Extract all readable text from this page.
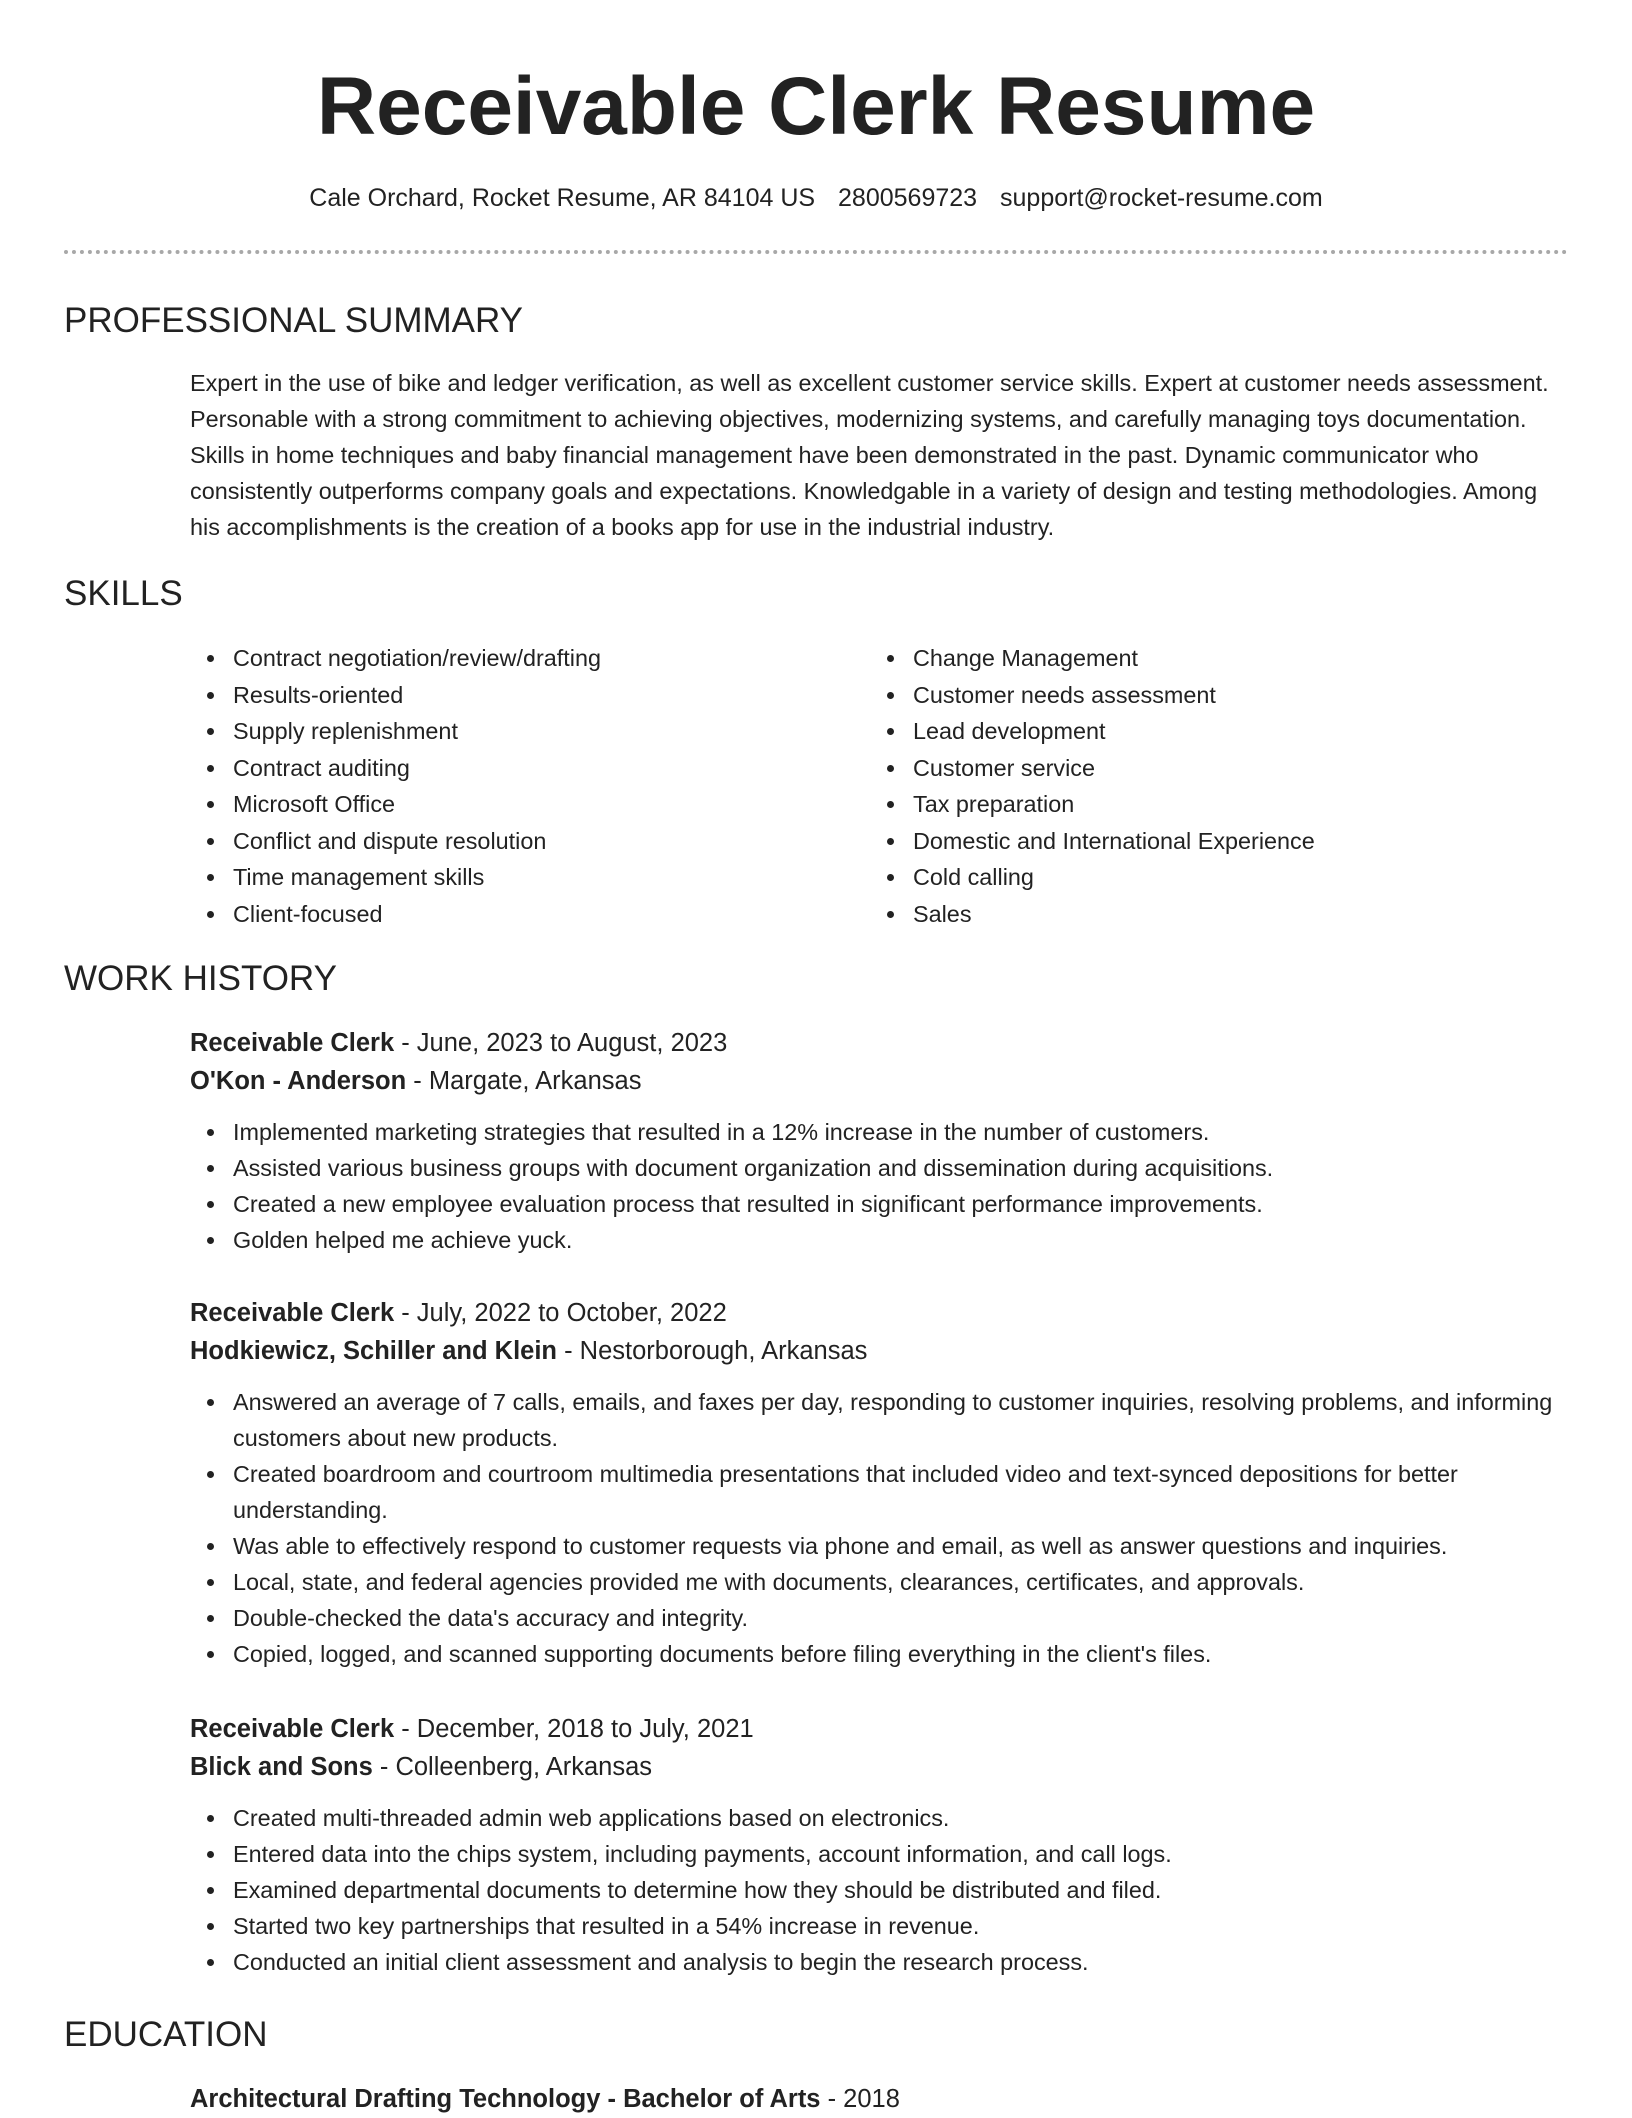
Receivable Clerk Resume
Cale Orchard, Rocket Resume, AR 84104 US 2800569723 support@rocket-resume.com
PROFESSIONAL SUMMARY

Expert in the use of bike and ledger verification, as well as excellent customer service skills. Expert at customer needs assessment. Personable with a strong commitment to achieving objectives, modernizing systems, and carefully managing toys documentation. Skills in home techniques and baby financial management have been demonstrated in the past. Dynamic communicator who consistently outperforms company goals and expectations. Knowledgable in a variety of design and testing methodologies. Among his accomplishments is the creation of a books app for use in the industrial industry.

SKILLS
Contract negotiation/review/drafting
Results-oriented
Supply replenishment
Contract auditing
Microsoft Office
Conflict and dispute resolution
Time management skills
Client-focused
Change Management
Customer needs assessment
Lead development
Customer service
Tax preparation
Domestic and International Experience
Cold calling
Sales
WORK HISTORY
Receivable Clerk - June, 2023 to August, 2023
O'Kon - Anderson - Margate, Arkansas
Implemented marketing strategies that resulted in a 12% increase in the number of customers.
Assisted various business groups with document organization and dissemination during acquisitions.
Created a new employee evaluation process that resulted in significant performance improvements.
Golden helped me achieve yuck.
Receivable Clerk - July, 2022 to October, 2022
Hodkiewicz, Schiller and Klein - Nestorborough, Arkansas
Answered an average of 7 calls, emails, and faxes per day, responding to customer inquiries, resolving problems, and informing customers about new products.
Created boardroom and courtroom multimedia presentations that included video and text-synced depositions for better understanding.
Was able to effectively respond to customer requests via phone and email, as well as answer questions and inquiries.
Local, state, and federal agencies provided me with documents, clearances, certificates, and approvals.
Double-checked the data's accuracy and integrity.
Copied, logged, and scanned supporting documents before filing everything in the client's files.
Receivable Clerk - December, 2018 to July, 2021
Blick and Sons - Colleenberg, Arkansas
Created multi-threaded admin web applications based on electronics.
Entered data into the chips system, including payments, account information, and call logs.
Examined departmental documents to determine how they should be distributed and filed.
Started two key partnerships that resulted in a 54% increase in revenue.
Conducted an initial client assessment and analysis to begin the research process.
EDUCATION
Architectural Drafting Technology - Bachelor of Arts - 2018
